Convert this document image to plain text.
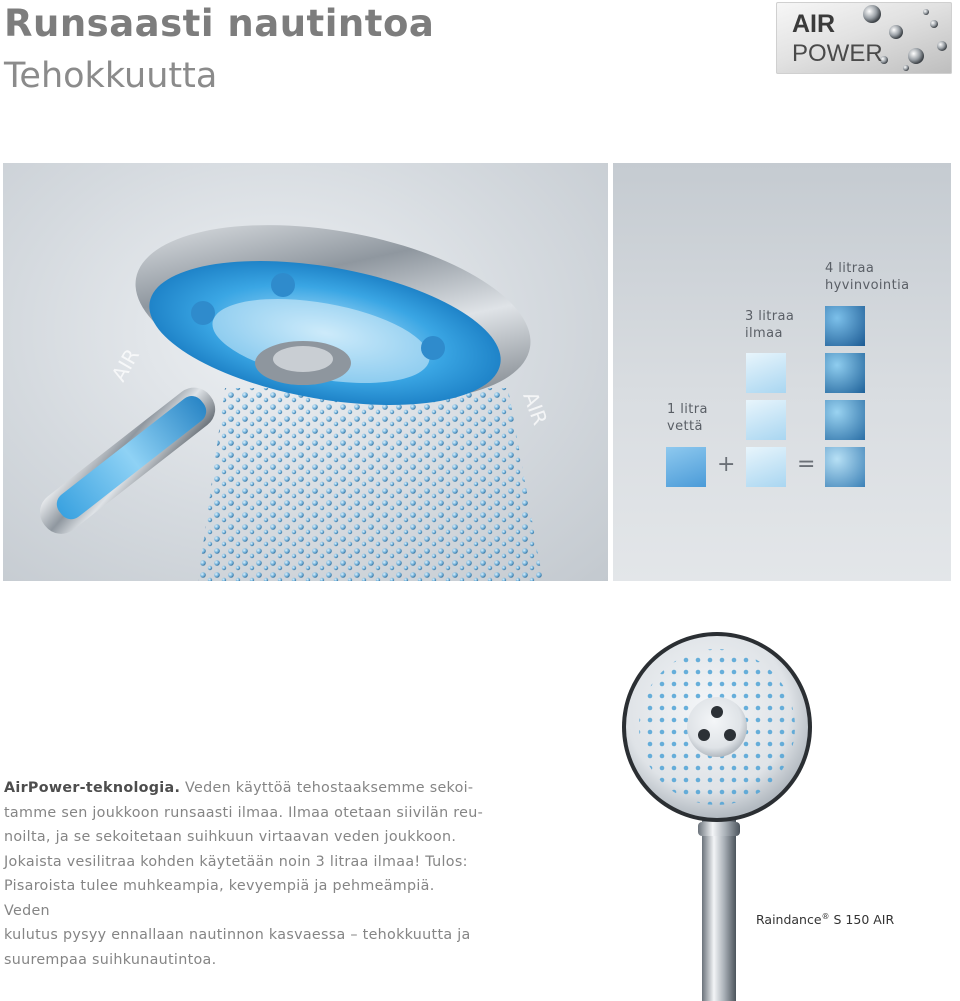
Runsaasti nautintoa
Tehokkuutta
AIR
POWER
AIR
AIR
4 litraa
hyvinvointia
3 litraa
ilmaa
1 litra
vettä
+	=

AirPower-teknologia. Veden käyttöä tehostaaksemme sekoi-
tamme sen joukkoon runsaasti ilmaa. Ilmaa otetaan siivilän reu-
noilta, ja se sekoitetaan suihkuun virtaavan veden joukkoon.
Jokaista vesilitraa kohden käytetään noin 3 litraa ilmaa! Tulos:
Pisaroista tulee muhkeampia, kevyempiä ja pehmeämpiä. Veden
kulutus pysyy ennallaan nautinnon kasvaessa – tehokkuutta ja
suurempaa suihkunautintoa.

Raindance® S 150 AIR
